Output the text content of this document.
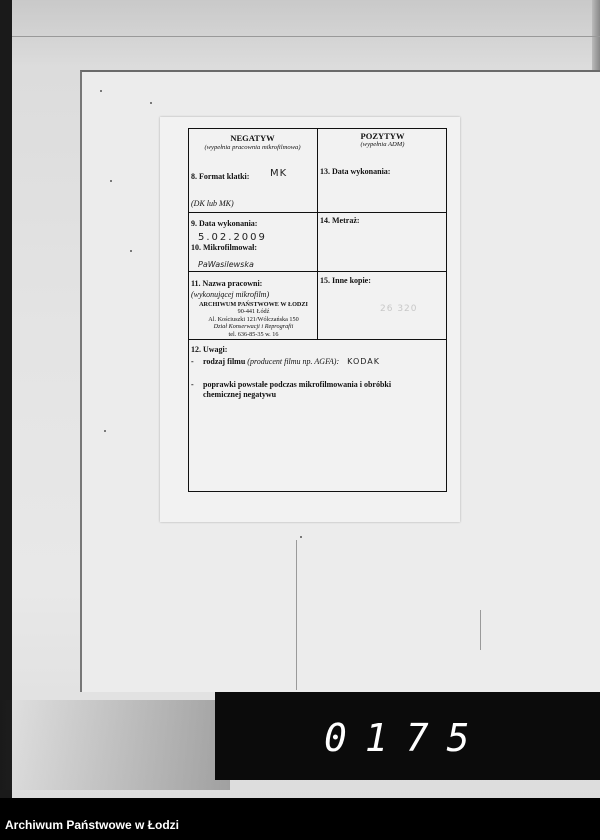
NEGATYW
(wypełnia pracownia mikrofilmowa)
POZYTYW
(wypełnia ADM)
8. Format klatki: MK
(DK lub MK)
13. Data wykonania:
9. Data wykonania:
5.02.2009
10. Mikrofilmował:
PaWasilewska
14. Metraż:
11. Nazwa pracowni:
(wykonującej mikrofilm)
ARCHIWUM PAŃSTWOWE W ŁODZI
90-441 Łódź
Al. Kościuszki 121/Wólczańska 150
Dział Konserwacji i Reprografii
tel. 636-85-35 w. 16
15. Inne kopie:
26 320
12. Uwagi:
- rodzaj filmu (producent filmu np. AGFA): KODAK
- poprawki powstałe podczas mikrofilmowania i obróbki chemicznej negatywu
0175
Archiwum Państwowe w Łodzi
